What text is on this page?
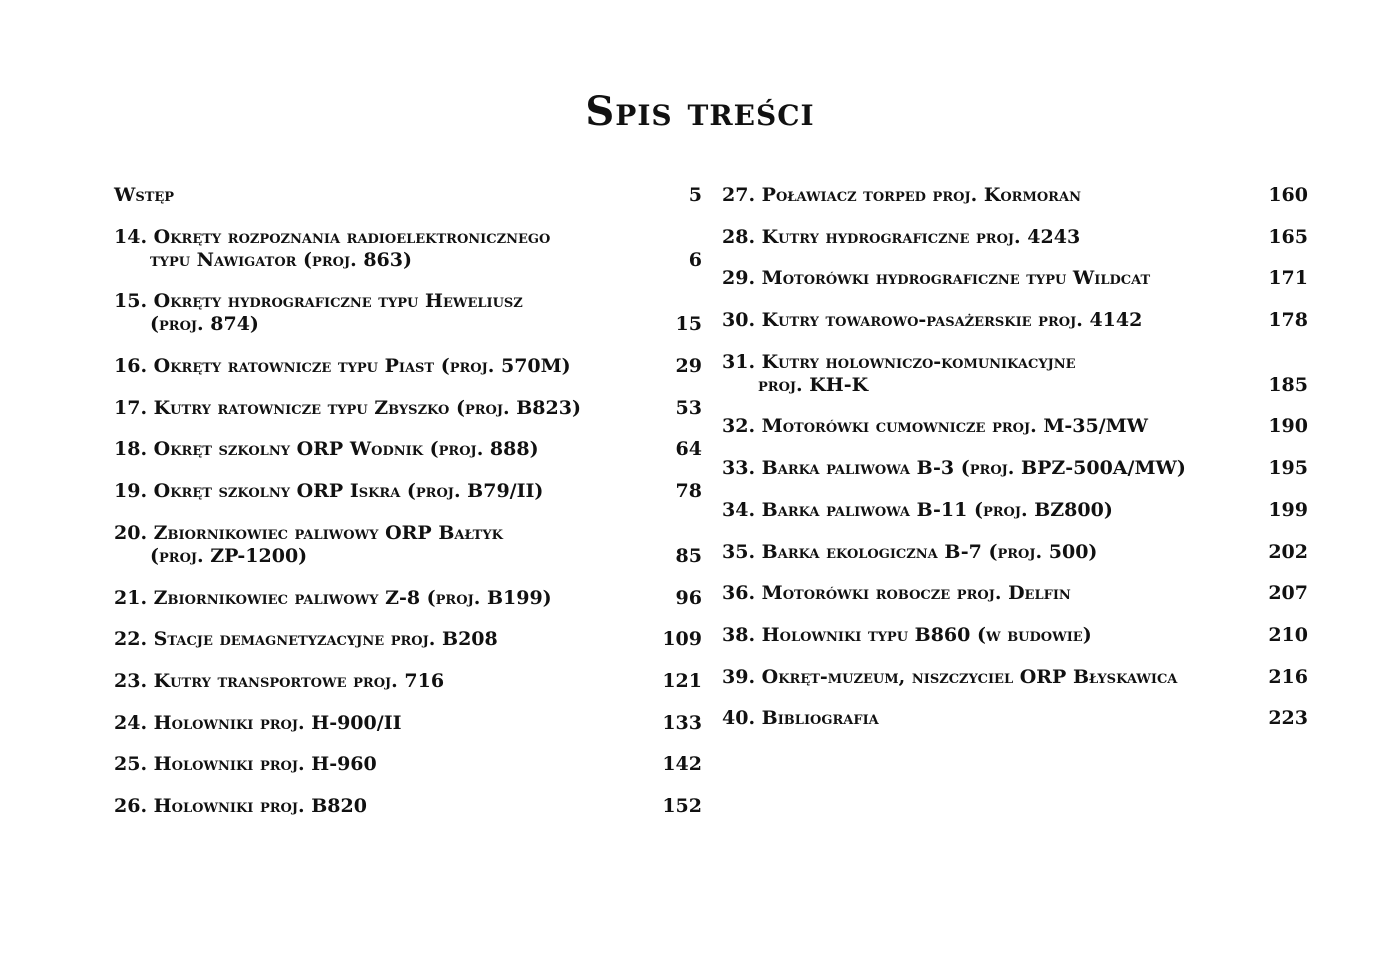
Spis treści
Wstęp	5
14. Okręty rozpoznania radioelektronicznego
typu Nawigator (proj. 863)	6
15. Okręty hydrograficzne typu Heweliusz
(proj. 874)	15
16. Okręty ratownicze typu Piast (proj. 570M)	29
17. Kutry ratownicze typu Zbyszko (proj. B823)	53
18. Okręt szkolny ORP Wodnik (proj. 888)	64
19. Okręt szkolny ORP Iskra (proj. B79/II)	78
20. Zbiornikowiec paliwowy ORP Bałtyk
(proj. ZP-1200)	85
21. Zbiornikowiec paliwowy Z-8 (proj. B199)	96
22. Stacje demagnetyzacyjne proj. B208	109
23. Kutry transportowe proj. 716	121
24. Holowniki proj. H-900/II	133
25. Holowniki proj. H-960	142
26. Holowniki proj. B820	152
27. Poławiacz torped proj. Kormoran	160
28. Kutry hydrograficzne proj. 4243	165
29. Motorówki hydrograficzne typu Wildcat	171
30. Kutry towarowo-pasażerskie proj. 4142	178
31. Kutry holowniczo-komunikacyjne
proj. KH-K	185
32. Motorówki cumownicze proj. M-35/MW	190
33. Barka paliwowa B-3 (proj. BPZ-500A/MW)	195
34. Barka paliwowa B-11 (proj. BZ800)	199
35. Barka ekologiczna B-7 (proj. 500)	202
36. Motorówki robocze proj. Delfin	207
38. Holowniki typu B860 (w budowie)	210
39. Okręt-muzeum, niszczyciel ORP Błyskawica	216
40. Bibliografia	223
